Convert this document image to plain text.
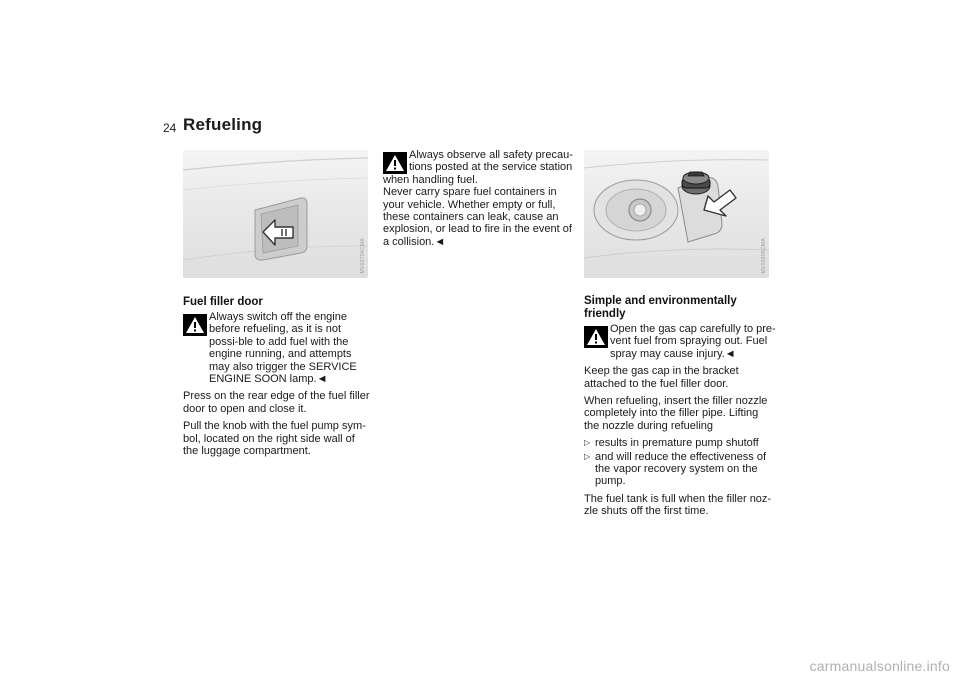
24 Refueling
MV03704CMA	MV03805CMA
Fuel filler door
Always switch off the engine
before refueling, as it is not possi-ble to add fuel with the engine running, and attempts may also trigger the SERVICE ENGINE SOON lamp.◄

Press on the rear edge of the fuel filler door to open and close it.

Pull the knob with the fuel pump sym-bol, located on the right side wall of the luggage compartment.

Always observe all safety precau-
tions posted at the service station
when handling fuel.
Never carry spare fuel containers in your vehicle. Whether empty or full, these containers can leak, cause an explosion, or lead to fire in the event of a collision.◄
Simple and environmentally friendly
Open the gas cap carefully to pre-
vent fuel from spraying out. Fuel spray may cause injury.◄

Keep the gas cap in the bracket attached to the fuel filler door.

When refueling, insert the filler nozzle completely into the filler pipe. Lifting the nozzle during refueling

▷ results in premature pump shutoff
▷ and will reduce the effectiveness of the vapor recovery system on the pump.

The fuel tank is full when the filler noz-zle shuts off the first time.

carmanualsonline.info
